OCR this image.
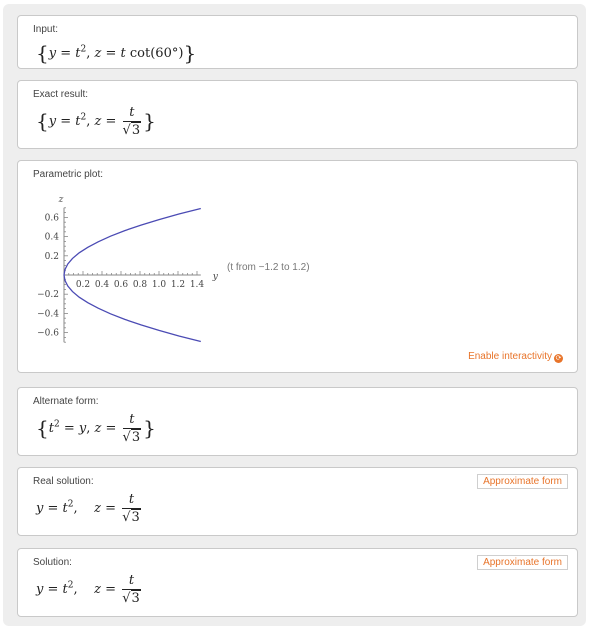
Input:
{$y = t^2$, z = t cot(60°)}
Exact result:
{$y = t^2$, $z = \frac{t}{√3}$ }
Parametric plot:
0.2 0.4 0.6 0.8 1.0 1.2 1.4
0.6
0.4
0.2
−0.2
−0.4
−0.6
y
z
(t from −1.2 to 1.2)
Enable interactivity ⟳
Alternate form:
{$t^2 = y$, $z = \frac{t}{√3}$ }
Real solution:	Approximate form
$y = t^2$,    $z = \frac{t}{√3}$
Solution:	Approximate form
$y = t^2$,    $z = \frac{t}{√3}$
